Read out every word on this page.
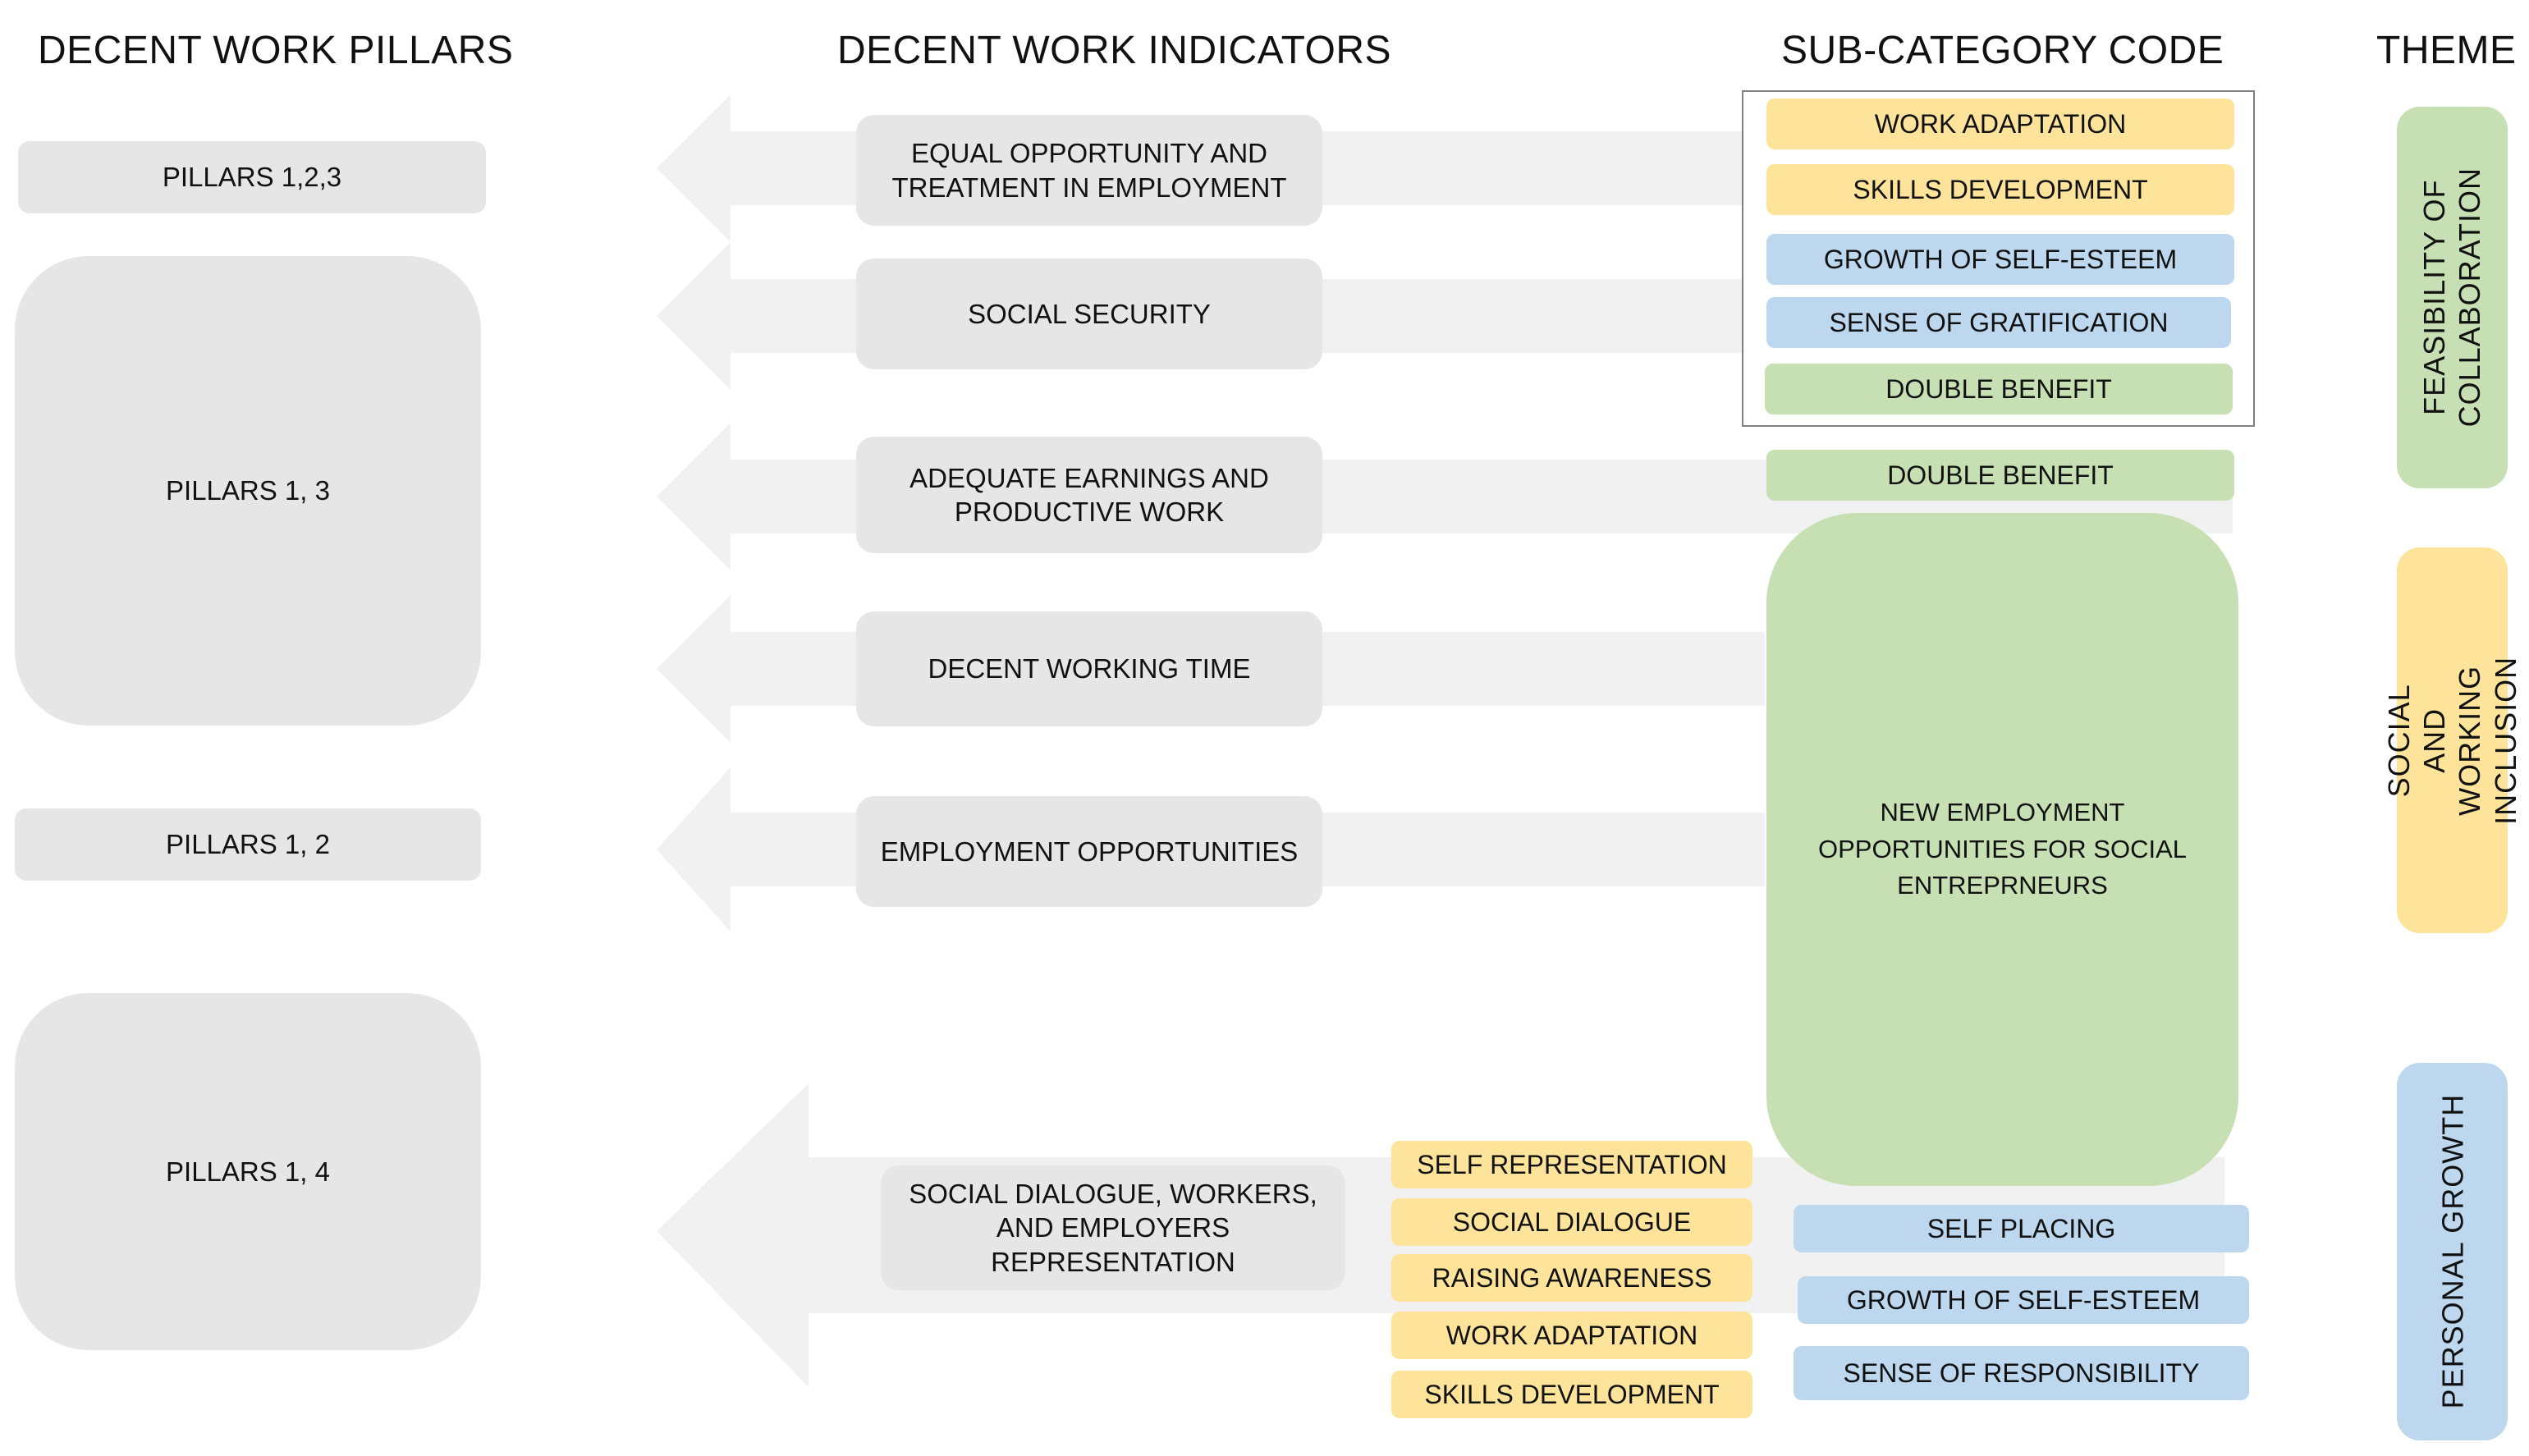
DECENT WORK PILLARS	DECENT WORK INDICATORS	SUB-CATEGORY CODE	THEME
PILLARS 1,2,3
PILLARS 1, 3
PILLARS 1, 2
PILLARS 1, 4
EQUAL OPPORTUNITY AND TREATMENT IN EMPLOYMENT
SOCIAL SECURITY
ADEQUATE EARNINGS AND PRODUCTIVE WORK
DECENT WORKING TIME
EMPLOYMENT OPPORTUNITIES
SOCIAL DIALOGUE, WORKERS, AND EMPLOYERS REPRESENTATION
WORK ADAPTATION
SKILLS DEVELOPMENT
GROWTH OF SELF-ESTEEM
SENSE OF GRATIFICATION
DOUBLE BENEFIT
DOUBLE BENEFIT
NEW EMPLOYMENT OPPORTUNITIES FOR SOCIAL ENTREPRNEURS
SELF REPRESENTATION
SOCIAL DIALOGUE
RAISING AWARENESS
WORK ADAPTATION
SKILLS DEVELOPMENT
SELF PLACING
GROWTH OF SELF-ESTEEM
SENSE OF RESPONSIBILITY
FEASIBILITY OF COLLABORATION
SOCIAL AND WORKING INCLUSION
PERSONAL GROWTH
